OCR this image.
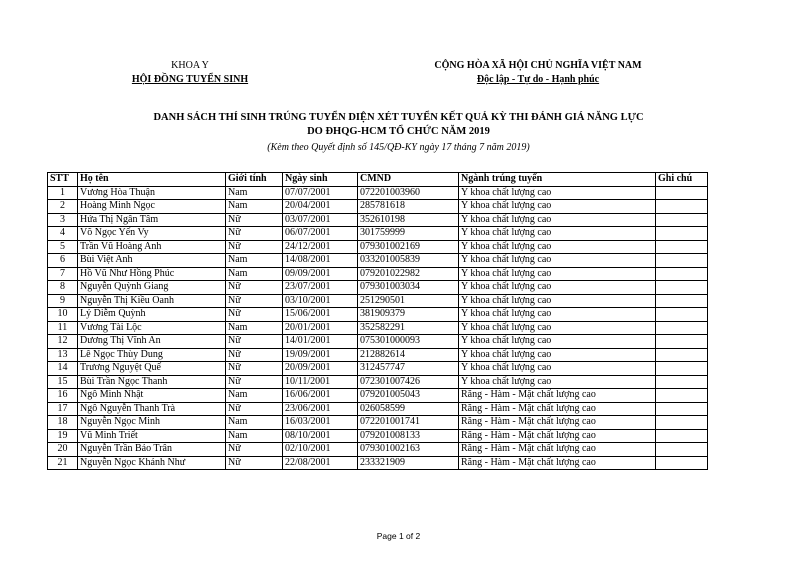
KHOA Y
HỘI ĐỒNG TUYỂN SINH
CỘNG HÒA XÃ HỘI CHỦ NGHĨA VIỆT NAM
Độc lập - Tự do - Hạnh phúc
DANH SÁCH THÍ SINH TRÚNG TUYỂN DIỆN XÉT TUYỂN KẾT QUẢ KỲ THI ĐÁNH GIÁ NĂNG LỰC
DO ĐHQG-HCM TỔ CHỨC NĂM 2019
(Kèm theo Quyết định số 145/QĐ-KY ngày 17 tháng 7 năm 2019)
STT	Họ tên	Giới tính	Ngày sinh	CMND	Ngành trúng tuyển	Ghi chú
1	Vương Hòa Thuận	Nam	07/07/2001	072201003960	Y khoa chất lượng cao	
2	Hoàng Minh Ngọc	Nam	20/04/2001	285781618	Y khoa chất lượng cao	
3	Hứa Thị Ngân Tâm	Nữ	03/07/2001	352610198	Y khoa chất lượng cao	
4	Võ Ngọc Yến Vy	Nữ	06/07/2001	301759999	Y khoa chất lượng cao	
5	Trần Vũ Hoàng Anh	Nữ	24/12/2001	079301002169	Y khoa chất lượng cao	
6	Bùi Việt Anh	Nam	14/08/2001	033201005839	Y khoa chất lượng cao	
7	Hồ Vũ Như Hồng Phúc	Nam	09/09/2001	079201022982	Y khoa chất lượng cao	
8	Nguyễn Quỳnh Giang	Nữ	23/07/2001	079301003034	Y khoa chất lượng cao	
9	Nguyễn Thị Kiều Oanh	Nữ	03/10/2001	251290501	Y khoa chất lượng cao	
10	Lý Diễm Quỳnh	Nữ	15/06/2001	381909379	Y khoa chất lượng cao	
11	Vương Tài Lộc	Nam	20/01/2001	352582291	Y khoa chất lượng cao	
12	Dương Thị Vĩnh An	Nữ	14/01/2001	075301000093	Y khoa chất lượng cao	
13	Lê Ngọc Thùy Dung	Nữ	19/09/2001	212882614	Y khoa chất lượng cao	
14	Trương Nguyệt Quế	Nữ	20/09/2001	312457747	Y khoa chất lượng cao	
15	Bùi Trần Ngọc Thanh	Nữ	10/11/2001	072301007426	Y khoa chất lượng cao	
16	Ngô Minh Nhật	Nam	16/06/2001	079201005043	Răng - Hàm - Mặt chất lượng cao	
17	Ngô Nguyễn Thanh Trà	Nữ	23/06/2001	026058599	Răng - Hàm - Mặt chất lượng cao	
18	Nguyễn Ngọc Minh	Nam	16/03/2001	072201001741	Răng - Hàm - Mặt chất lượng cao	
19	Vũ Minh Triết	Nam	08/10/2001	079201008133	Răng - Hàm - Mặt chất lượng cao	
20	Nguyễn Trần Bảo Trân	Nữ	02/10/2001	079301002163	Răng - Hàm - Mặt chất lượng cao	
21	Nguyễn Ngọc Khánh Như	Nữ	22/08/2001	233321909	Răng - Hàm - Mặt chất lượng cao	
Page 1 of 2
